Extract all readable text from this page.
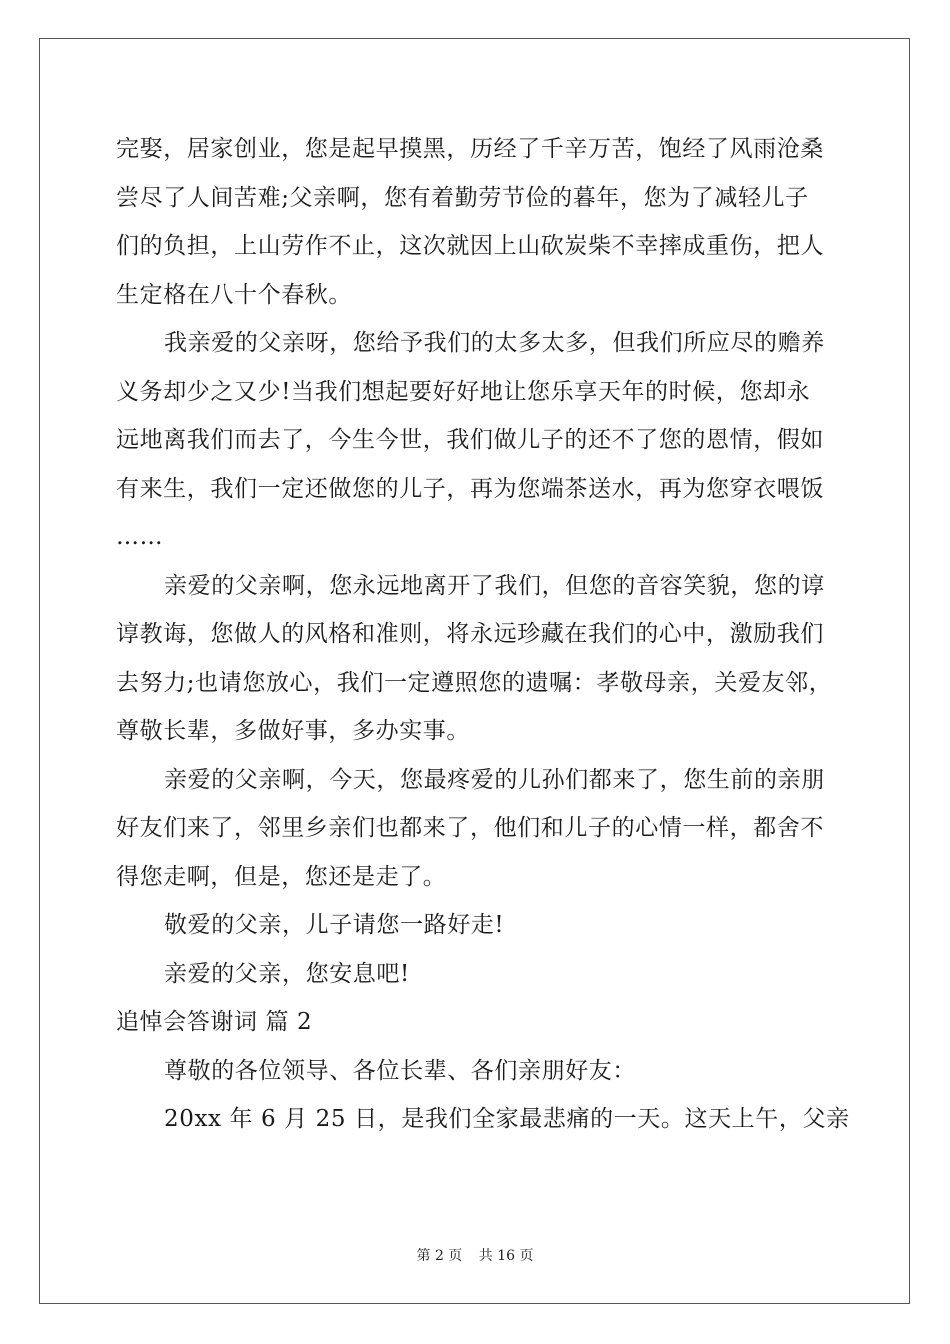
完娶，居家创业，您是起早摸黑，历经了千辛万苦，饱经了风雨沧桑
尝尽了人间苦难;父亲啊，您有着勤劳节俭的暮年，您为了减轻儿子
们的负担，上山劳作不止，这次就因上山砍炭柴不幸摔成重伤，把人
生定格在八十个春秋。
我亲爱的父亲呀，您给予我们的太多太多，但我们所应尽的赡养
义务却少之又少!当我们想起要好好地让您乐享天年的时候，您却永
远地离我们而去了，今生今世，我们做儿子的还不了您的恩情，假如
有来生，我们一定还做您的儿子，再为您端茶送水，再为您穿衣喂饭
……
亲爱的父亲啊，您永远地离开了我们，但您的音容笑貌，您的谆
谆教诲，您做人的风格和准则，将永远珍藏在我们的心中，激励我们
去努力;也请您放心，我们一定遵照您的遗嘱：孝敬母亲，关爱友邻，
尊敬长辈，多做好事，多办实事。
亲爱的父亲啊，今天，您最疼爱的儿孙们都来了，您生前的亲朋
好友们来了，邻里乡亲们也都来了，他们和儿子的心情一样，都舍不
得您走啊，但是，您还是走了。
敬爱的父亲，儿子请您一路好走!
亲爱的父亲，您安息吧!
追悼会答谢词 篇 2
尊敬的各位领导、各位长辈、各们亲朋好友：
20xx 年 6 月 25 日，是我们全家最悲痛的一天。这天上午，父亲
第 2 页 共 16 页
